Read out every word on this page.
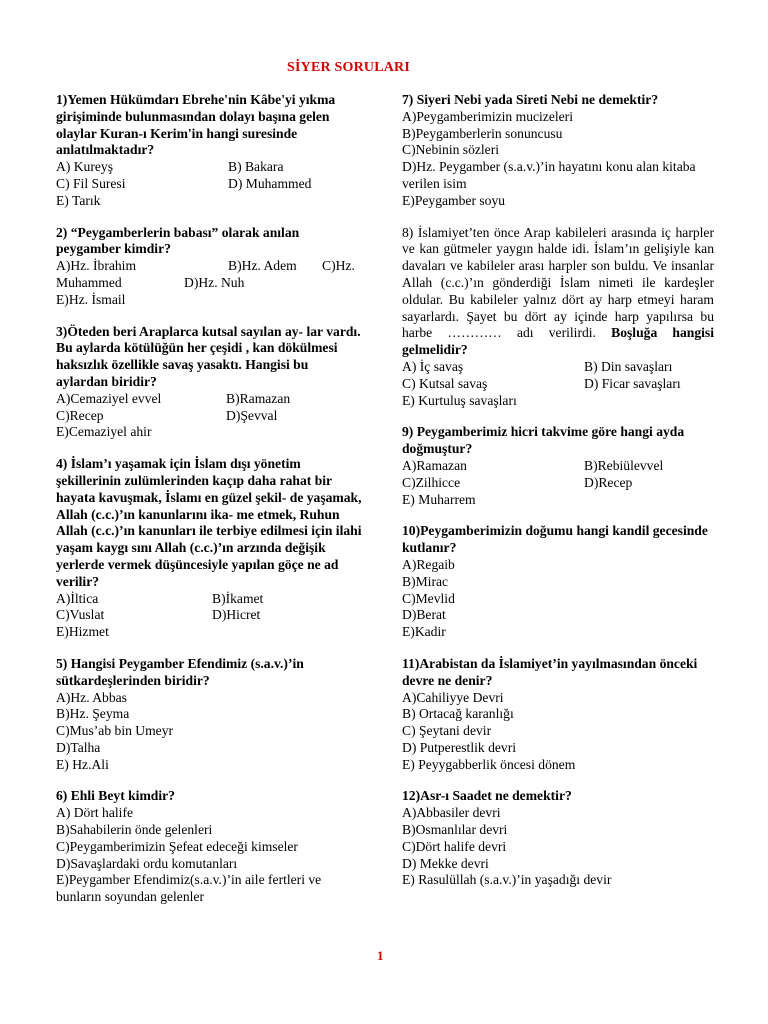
SİYER SORULARI
1)Yemen Hükümdarı Ebrehe'nin Kâbe'yi yıkma girişiminde bulunmasından dolayı başına gelen olaylar Kuran-ı Kerim'in hangi suresinde anlatılmaktadır?
A) Kureyş	B) Bakara
C) Fil Suresi	D) Muhammed
E) Tarık
2) “Peygamberlerin babası” olarak anılan peygamber kimdir?
A)Hz. İbrahim	B)Hz. Adem	C)Hz.
Muhammed	D)Hz. Nuh
E)Hz. İsmail
3)Öteden beri Araplarca kutsal sayılan ay- lar vardı. Bu aylarda kötülüğün her çeşidi , kan dökülmesi haksızlık özellikle savaş yasaktı. Hangisi bu aylardan biridir?
A)Cemaziyel evvel	B)Ramazan
C)Recep	D)Şevval
E)Cemaziyel ahir
4) İslam’ı yaşamak için İslam dışı yönetim şekillerinin zulümlerinden kaçıp daha rahat bir hayata kavuşmak, İslamı en güzel şekil- de yaşamak, Allah (c.c.)’ın kanunlarını ika- me etmek, Ruhun Allah (c.c.)’ın kanunları ile terbiye edilmesi için ilahi yaşam kaygı sını Allah (c.c.)’ın arzında değişik yerlerde vermek düşüncesiyle yapılan göçe ne ad verilir?
A)İltica	B)İkamet
C)Vuslat	D)Hicret
E)Hizmet
5) Hangisi Peygamber Efendimiz (s.a.v.)’in sütkardeşlerinden biridir?
A)Hz. Abbas
B)Hz. Şeyma
C)Mus’ab bin Umeyr
D)Talha
E) Hz.Ali
6) Ehli Beyt kimdir?
A) Dört halife
B)Sahabilerin önde gelenleri
C)Peygamberimizin Şefeat edeceği kimseler
D)Savaşlardaki ordu komutanları
E)Peygamber Efendimiz(s.a.v.)’in aile fertleri ve bunların soyundan gelenler
7) Siyeri Nebi yada Sireti Nebi ne demektir?
A)Peygamberimizin mucizeleri
B)Peygamberlerin sonuncusu
C)Nebinin sözleri
D)Hz. Peygamber (s.a.v.)’in hayatını konu alan kitaba verilen isim
E)Peygamber soyu
8) İslamiyet’ten önce Arap kabileleri arasında iç harpler ve kan gütmeler yaygın halde idi. İslam’ın gelişiyle kan davaları ve kabileler arası harpler son buldu. Ve insanlar Allah (c.c.)’ın gönderdiği İslam nimeti ile kardeşler oldular. Bu kabileler yalnız dört ay harp etmeyi haram sayarlardı. Şayet bu dört ay içinde harp yapılırsa bu harbe ………… adı verilirdi. Boşluğa hangisi gelmelidir?
A) İç savaş	B) Din savaşları
C) Kutsal savaş	D) Ficar savaşları
E) Kurtuluş savaşları
9) Peygamberimiz hicri takvime göre hangi ayda doğmuştur?
A)Ramazan	B)Rebiülevvel
C)Zilhicce	D)Recep
E) Muharrem
10)Peygamberimizin doğumu hangi kandil gecesinde kutlanır?
A)Regaib
B)Mirac
C)Mevlid
D)Berat
E)Kadir
11)Arabistan da İslamiyet’in yayılmasından önceki devre ne denir?
A)Cahiliyye Devri
B) Ortacağ karanlığı
C) Şeytani devir
D) Putperestlik devri
E) Peyygabberlik öncesi dönem
12)Asr-ı Saadet ne demektir?
A)Abbasiler devri
B)Osmanlılar devri
C)Dört halife devri
D) Mekke devri
E) Rasulüllah (s.a.v.)’in yaşadığı devir
1
